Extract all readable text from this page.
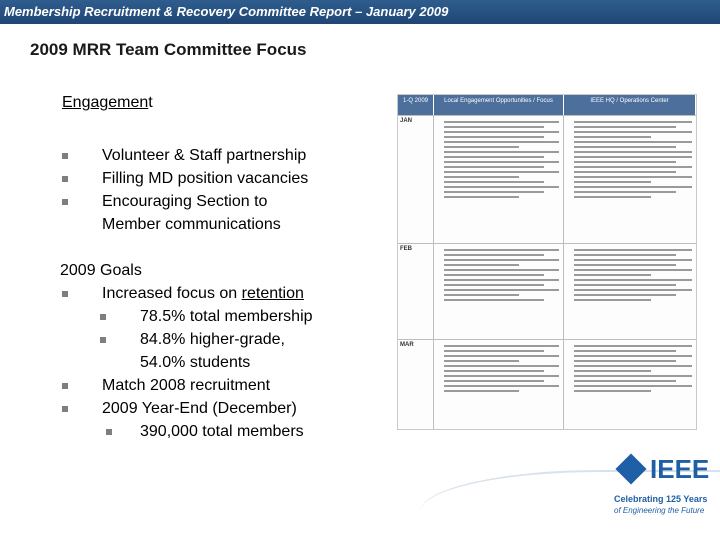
Membership Recruitment & Recovery Committee Report – January 2009
2009 MRR Team Committee Focus
Engagement
Volunteer & Staff partnership
Filling MD position vacancies
Encouraging Section to
Member communications
2009 Goals
Increased focus on retention
78.5% total membership
84.8% higher-grade,
54.0% students
Match 2008 recruitment
2009 Year-End (December)
390,000 total members
1-Q 2009	Local Engagement Opportunities / Focus	IEEE HQ / Operations Center
JAN
FEB
MAR
IEEE
Celebrating 125 Years
of Engineering the Future
